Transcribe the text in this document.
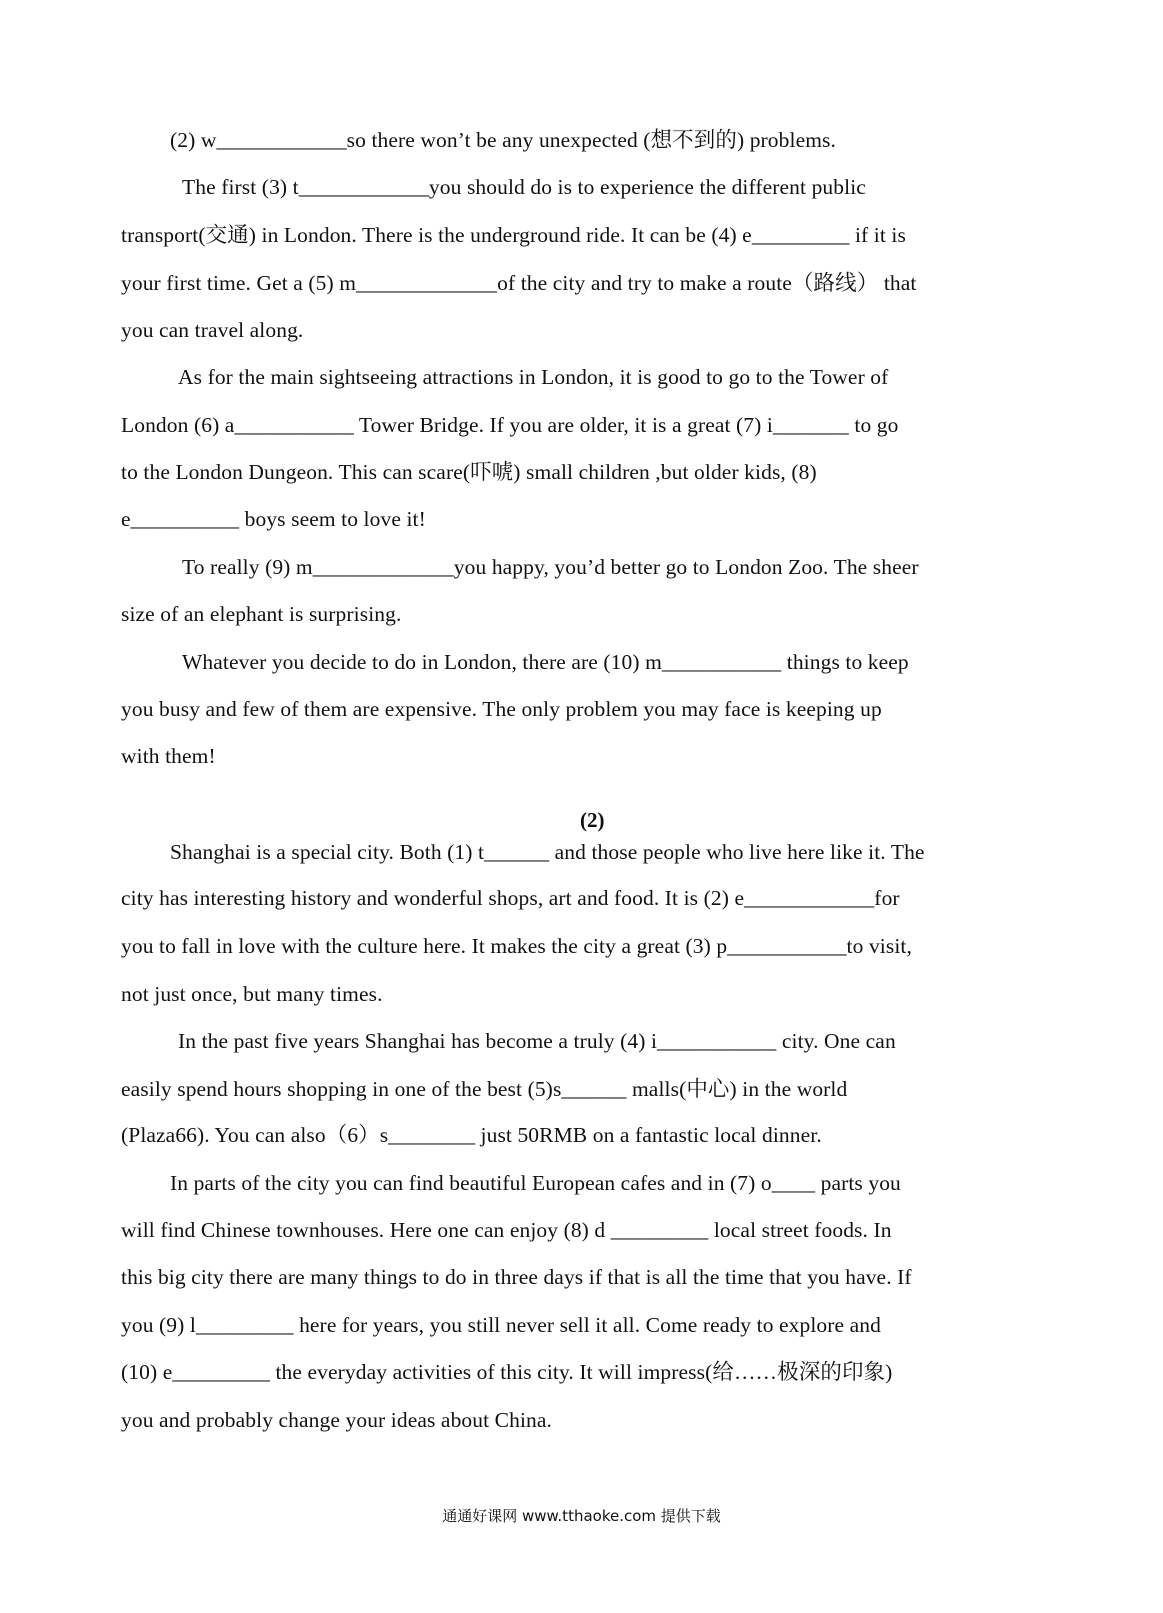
(2) w____________so there won’t be any unexpected (想不到的) problems.
The first (3) t____________you should do is to experience the different public
transport(交通) in London. There is the underground ride. It can be (4) e_________ if it is
your first time. Get a (5) m_____________of the city and try to make a route（路线） that
you can travel along.
As for the main sightseeing attractions in London, it is good to go to the Tower of
London (6) a___________ Tower Bridge. If you are older, it is a great (7) i_______ to go
to the London Dungeon. This can scare(吓唬) small children ,but older kids, (8)
e__________ boys seem to love it!
To really (9) m_____________you happy, you’d better go to London Zoo. The sheer
size of an elephant is surprising.
Whatever you decide to do in London, there are (10) m___________ things to keep
you busy and few of them are expensive. The only problem you may face is keeping up
with them!
(2)
Shanghai is a special city. Both (1) t______ and those people who live here like it. The
city has interesting history and wonderful shops, art and food. It is (2) e____________for
you to fall in love with the culture here. It makes the city a great (3) p___________to visit,
not just once, but many times.
In the past five years Shanghai has become a truly (4) i___________ city. One can
easily spend hours shopping in one of the best (5)s______ malls(中心) in the world
(Plaza66). You can also（6）s________ just 50RMB on a fantastic local dinner.
In parts of the city you can find beautiful European cafes and in (7) o____ parts you
will find Chinese townhouses. Here one can enjoy (8) d _________ local street foods. In
this big city there are many things to do in three days if that is all the time that you have. If
you (9) l_________ here for years, you still never sell it all. Come ready to explore and
(10) e_________ the everyday activities of this city. It will impress(给……极深的印象)
you and probably change your ideas about China.
通通好课网 www.tthaoke.com 提供下载
